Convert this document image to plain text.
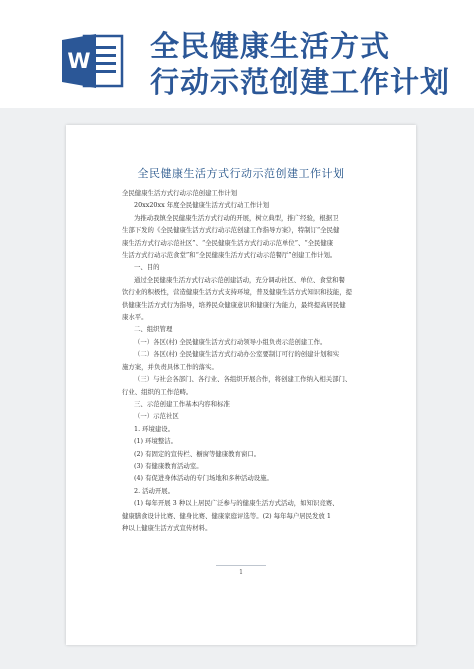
W 全民健康生活方式
行动示范创建工作计划
全民健康生活方式行动示范创建工作计划

全民健康生活方式行动示范创建工作计划

20xx20xx 年度全民健康生活方式行动工作计划

为推动我镇全民健康生活方式行动的开展，树立典型，推广经验，根据卫

生部下发的《全民健康生活方式行动示范创建工作指导方案》，特制订“全民健

康生活方式行动示范社区”、“全民健康生活方式行动示范单位”、“全民健康

生活方式行动示范食堂”和“全民健康生活方式行动示范餐厅”创建工作计划。

一、目的

通过全民健康生活方式行动示范创建活动，充分调动社区、单位、食堂和餐

饮行业的积极性，营造健康生活方式支持环境，普及健康生活方式知识和技能，提

供健康生活方式行为指导，培养民众健康意识和健康行为能力，最终提高居民健

康水平。

二、组织管理

（一）各区(村) 全民健康生活方式行动领导小组负责示范创建工作。

（二）各区(村) 全民健康生活方式行动办公室要制订可行的创建计划和实

施方案，并负责具体工作的落实。

（三）与社会各部门、各行业、各组织开展合作，将创建工作纳入相关部门、

行业、组织的工作范畴。

三、示范创建工作基本内容和标准

（一）示范社区

1. 环境建设。

(1) 环境整洁。

(2) 有固定的宣传栏、橱窗等健康教育窗口。

(3) 有健康教育活动室。

(4) 有促进身体活动的专门场地和多种活动设施。

2. 活动开展。

(1) 每年开展 3 种以上居民广泛参与的健康生活方式活动，如知识竞赛、

健康膳食设计比赛、健身比赛、健康家庭评选等。(2) 每年每户居民发放 1

种以上健康生活方式宣传材料。

1
